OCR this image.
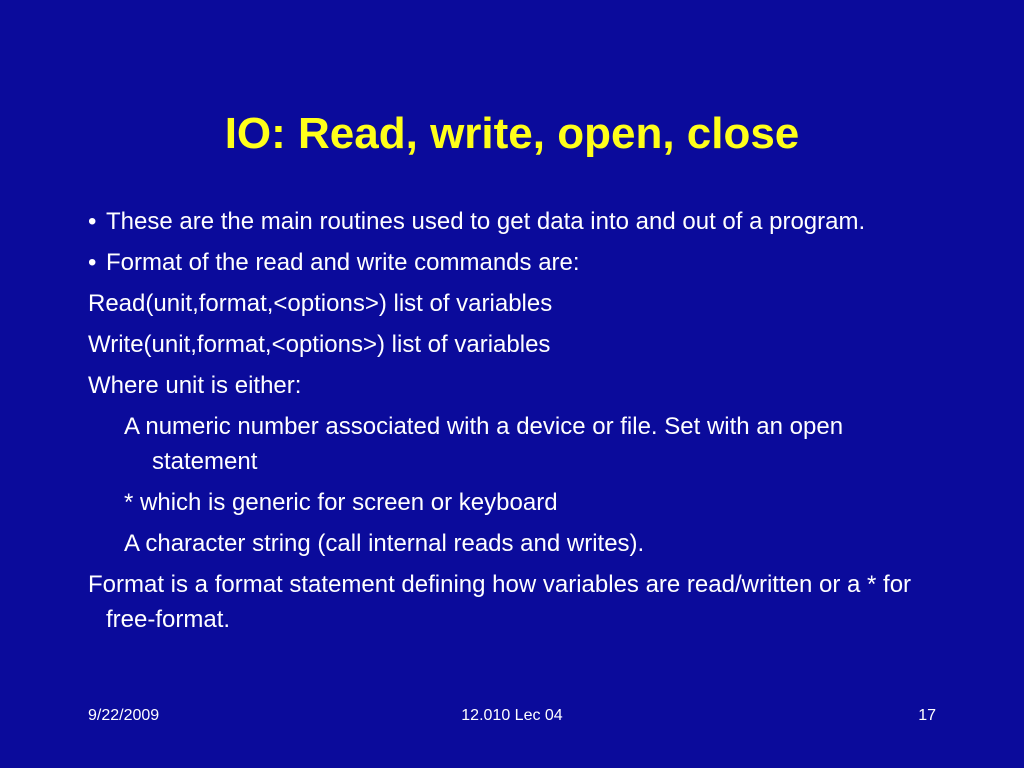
IO: Read, write, open, close

• These are the main routines used to get data into and out of a program.

• Format of the read and write commands are:

Read(unit,format,<options>) list of variables

Write(unit,format,<options>) list of variables

Where unit is either:

A numeric number associated with a device or file. Set with an open statement

* which is generic for screen or keyboard

A character string (call internal reads and writes).

Format is a format statement defining how variables are read/written or a * for free-format.

9/22/2009	12.010 Lec 04	17
